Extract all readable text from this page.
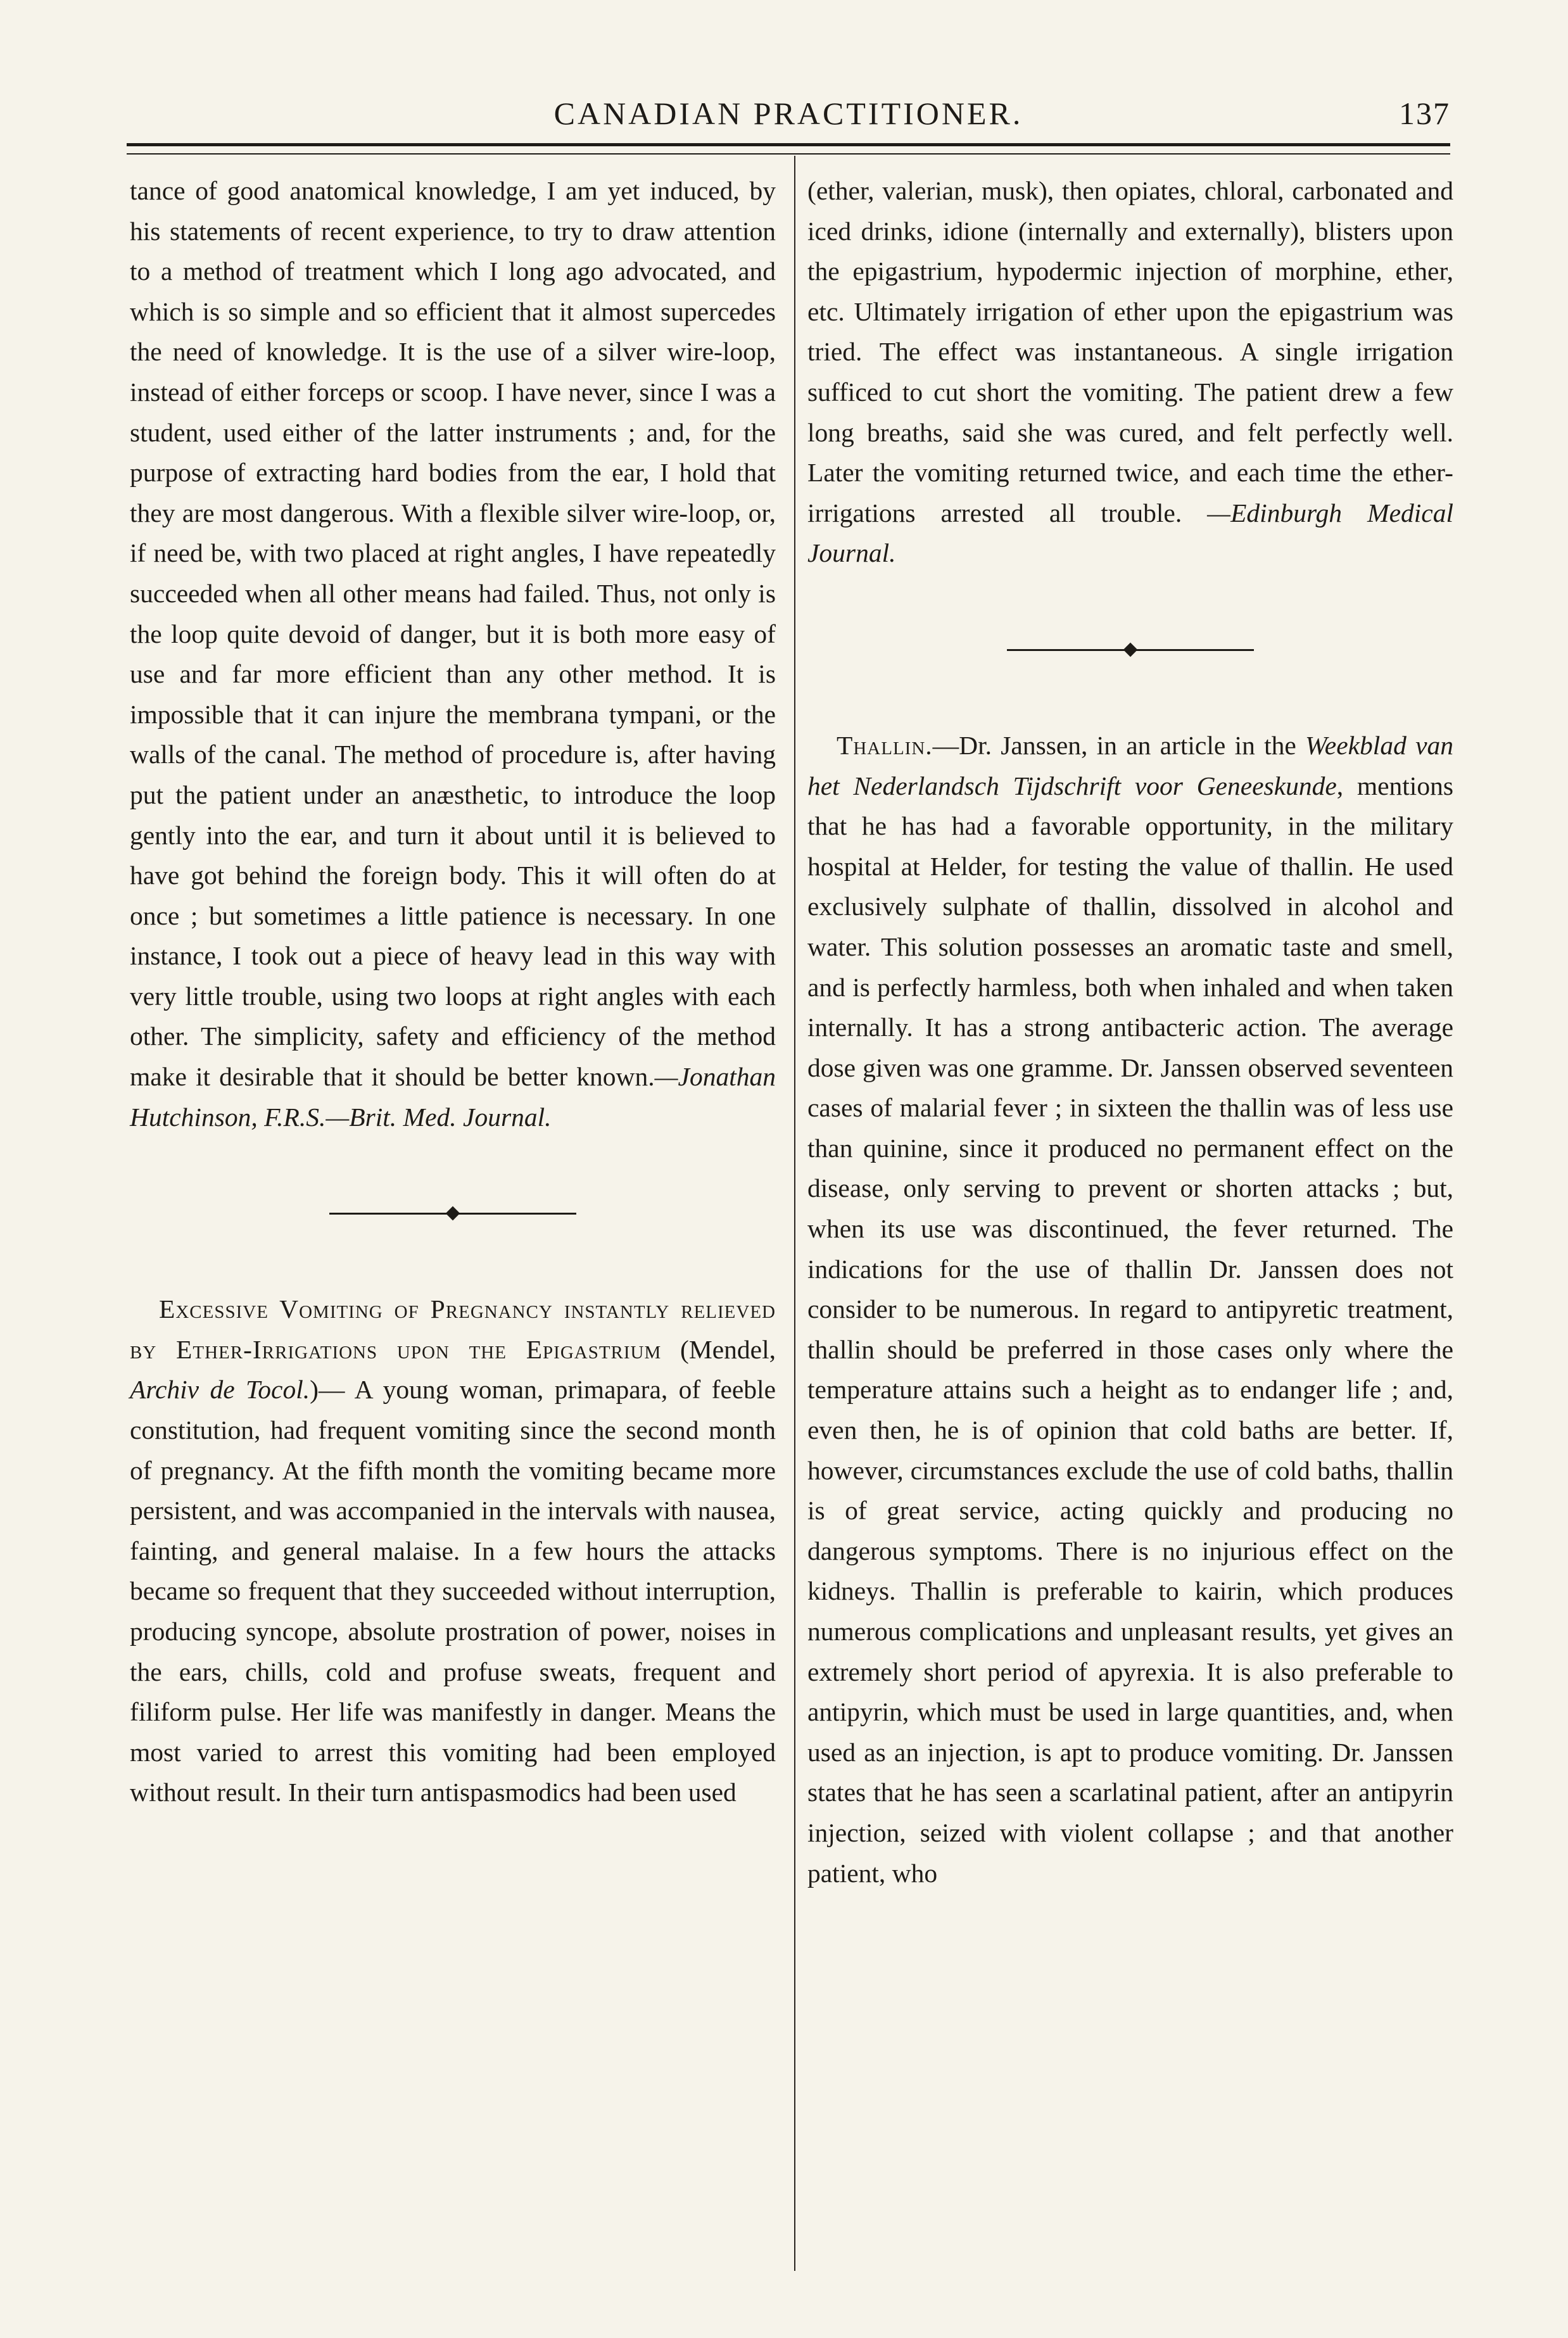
CANADIAN PRACTITIONER.	137

tance of good anatomical knowledge, I am yet induced, by his statements of recent experience, to try to draw attention to a method of treatment which I long ago advocated, and which is so simple and so efficient that it almost supercedes the need of knowledge. It is the use of a silver wire-loop, instead of either forceps or scoop. I have never, since I was a student, used either of the latter instruments ; and, for the purpose of extracting hard bodies from the ear, I hold that they are most dangerous. With a flexible silver wire-loop, or, if need be, with two placed at right angles, I have repeatedly succeeded when all other means had failed. Thus, not only is the loop quite devoid of danger, but it is both more easy of use and far more efficient than any other method. It is impossible that it can injure the membrana tympani, or the walls of the canal. The method of procedure is, after having put the patient under an anæsthetic, to introduce the loop gently into the ear, and turn it about until it is believed to have got behind the foreign body. This it will often do at once ; but sometimes a little patience is necessary. In one instance, I took out a piece of heavy lead in this way with very little trouble, using two loops at right angles with each other. The simplicity, safety and efficiency of the method make it desirable that it should be better known.—Jonathan Hutchinson, F.R.S.—Brit. Med. Journal.

Excessive Vomiting of Pregnancy instantly relieved by Ether-Irrigations upon the Epigastrium (Mendel, Archiv de Tocol.)— A young woman, primapara, of feeble constitution, had frequent vomiting since the second month of pregnancy. At the fifth month the vomiting became more persistent, and was accompanied in the intervals with nausea, fainting, and general malaise. In a few hours the attacks became so frequent that they succeeded without interruption, producing syncope, absolute prostration of power, noises in the ears, chills, cold and profuse sweats, frequent and filiform pulse. Her life was manifestly in danger. Means the most varied to arrest this vomiting had been employed without result. In their turn antispasmodics had been used

(ether, valerian, musk), then opiates, chloral, carbonated and iced drinks, idione (internally and externally), blisters upon the epigastrium, hypodermic injection of morphine, ether, etc. Ultimately irrigation of ether upon the epigastrium was tried. The effect was instantaneous. A single irrigation sufficed to cut short the vomiting. The patient drew a few long breaths, said she was cured, and felt perfectly well. Later the vomiting returned twice, and each time the ether-irrigations arrested all trouble. —Edinburgh Medical Journal.

Thallin.—Dr. Janssen, in an article in the Weekblad van het Nederlandsch Tijdschrift voor Geneeskunde, mentions that he has had a favorable opportunity, in the military hospital at Helder, for testing the value of thallin. He used exclusively sulphate of thallin, dissolved in alcohol and water. This solution possesses an aromatic taste and smell, and is perfectly harmless, both when inhaled and when taken internally. It has a strong antibacteric action. The average dose given was one gramme. Dr. Janssen observed seventeen cases of malarial fever ; in sixteen the thallin was of less use than quinine, since it produced no permanent effect on the disease, only serving to prevent or shorten attacks ; but, when its use was discontinued, the fever returned. The indications for the use of thallin Dr. Janssen does not consider to be numerous. In regard to antipyretic treatment, thallin should be preferred in those cases only where the temperature attains such a height as to endanger life ; and, even then, he is of opinion that cold baths are better. If, however, circumstances exclude the use of cold baths, thallin is of great service, acting quickly and producing no dangerous symptoms. There is no injurious effect on the kidneys. Thallin is preferable to kairin, which produces numerous complications and unpleasant results, yet gives an extremely short period of apyrexia. It is also preferable to antipyrin, which must be used in large quantities, and, when used as an injection, is apt to produce vomiting. Dr. Janssen states that he has seen a scarlatinal patient, after an antipyrin injection, seized with violent collapse ; and that another patient, who
